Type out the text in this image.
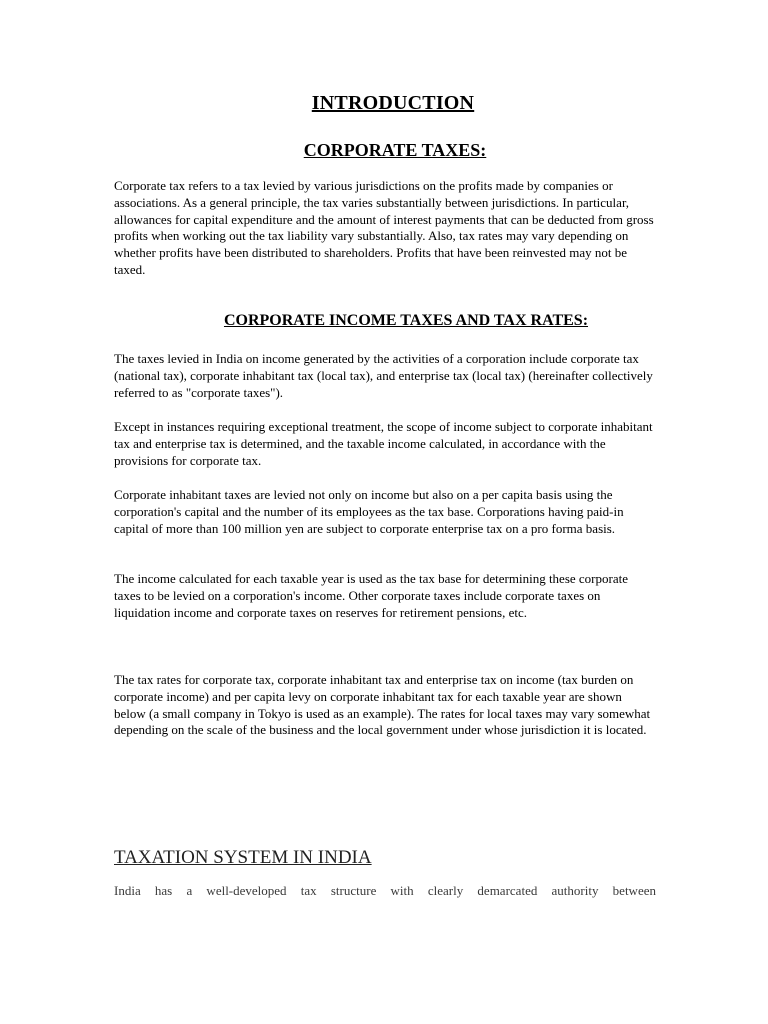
INTRODUCTION
CORPORATE TAXES:

Corporate tax refers to a tax levied by various jurisdictions on the profits made by companies or associations. As a general principle, the tax varies substantially between jurisdictions. In particular, allowances for capital expenditure and the amount of interest payments that can be deducted from gross profits when working out the tax liability vary substantially. Also, tax rates may vary depending on whether profits have been distributed to shareholders. Profits that have been reinvested may not be taxed.

CORPORATE INCOME TAXES AND TAX RATES:

The taxes levied in India on income generated by the activities of a corporation include corporate tax (national tax), corporate inhabitant tax (local tax), and enterprise tax (local tax) (hereinafter collectively referred to as "corporate taxes").

Except in instances requiring exceptional treatment, the scope of income subject to corporate inhabitant tax and enterprise tax is determined, and the taxable income calculated, in accordance with the provisions for corporate tax.

Corporate inhabitant taxes are levied not only on income but also on a per capita basis using the corporation's capital and the number of its employees as the tax base. Corporations having paid-in capital of more than 100 million yen are subject to corporate enterprise tax on a pro forma basis.

The income calculated for each taxable year is used as the tax base for determining these corporate taxes to be levied on a corporation's income. Other corporate taxes include corporate taxes on liquidation income and corporate taxes on reserves for retirement pensions, etc.

The tax rates for corporate tax, corporate inhabitant tax and enterprise tax on income (tax burden on corporate income) and per capita levy on corporate inhabitant tax for each taxable year are shown below (a small company in Tokyo is used as an example). The rates for local taxes may vary somewhat depending on the scale of the business and the local government under whose jurisdiction it is located.

TAXATION SYSTEM IN INDIA

India has a well-developed tax structure with clearly demarcated authority between
